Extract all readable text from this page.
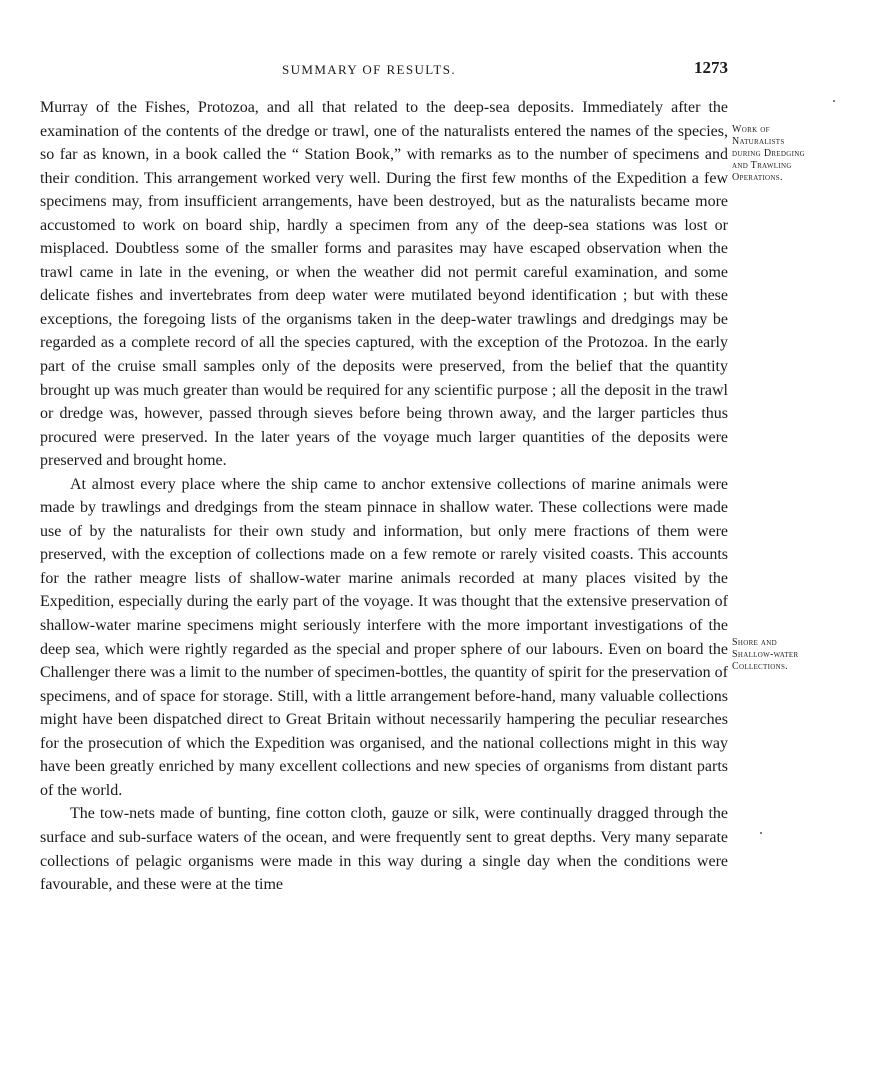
SUMMARY OF RESULTS.	1273

Murray of the Fishes, Protozoa, and all that related to the deep-sea deposits. Immediately after the examination of the contents of the dredge or trawl, one of the naturalists entered the names of the species, so far as known, in a book called the “ Station Book,” with remarks as to the number of specimens and their condition. This arrangement worked very well. During the first few months of the Expedition a few specimens may, from insufficient arrangements, have been destroyed, but as the naturalists became more accustomed to work on board ship, hardly a specimen from any of the deep-sea stations was lost or misplaced. Doubtless some of the smaller forms and parasites may have escaped observation when the trawl came in late in the evening, or when the weather did not permit careful examination, and some delicate fishes and invertebrates from deep water were mutilated beyond identification ; but with these exceptions, the foregoing lists of the organisms taken in the deep-water trawlings and dredgings may be regarded as a complete record of all the species captured, with the exception of the Protozoa. In the early part of the cruise small samples only of the deposits were preserved, from the belief that the quantity brought up was much greater than would be required for any scientific purpose ; all the deposit in the trawl or dredge was, however, passed through sieves before being thrown away, and the larger particles thus procured were preserved. In the later years of the voyage much larger quantities of the deposits were preserved and brought home.

At almost every place where the ship came to anchor extensive collections of marine animals were made by trawlings and dredgings from the steam pinnace in shallow water. These collections were made use of by the naturalists for their own study and information, but only mere fractions of them were preserved, with the exception of collections made on a few remote or rarely visited coasts. This accounts for the rather meagre lists of shallow-water marine animals recorded at many places visited by the Expedition, especially during the early part of the voyage. It was thought that the extensive preservation of shallow-water marine specimens might seriously interfere with the more important investigations of the deep sea, which were rightly regarded as the special and proper sphere of our labours. Even on board the Challenger there was a limit to the number of specimen-bottles, the quantity of spirit for the preservation of specimens, and of space for storage. Still, with a little arrangement before-hand, many valuable collections might have been dispatched direct to Great Britain without necessarily hampering the peculiar researches for the prosecution of which the Expedition was organised, and the national collections might in this way have been greatly enriched by many excellent collections and new species of organisms from distant parts of the world.

The tow-nets made of bunting, fine cotton cloth, gauze or silk, were continually dragged through the surface and sub-surface waters of the ocean, and were frequently sent to great depths. Very many separate collections of pelagic organisms were made in this way during a single day when the conditions were favourable, and these were at the time

Work of
Naturalists
during Dredging
and Trawling
Operations.
Shore and
Shallow-water
Collections.
